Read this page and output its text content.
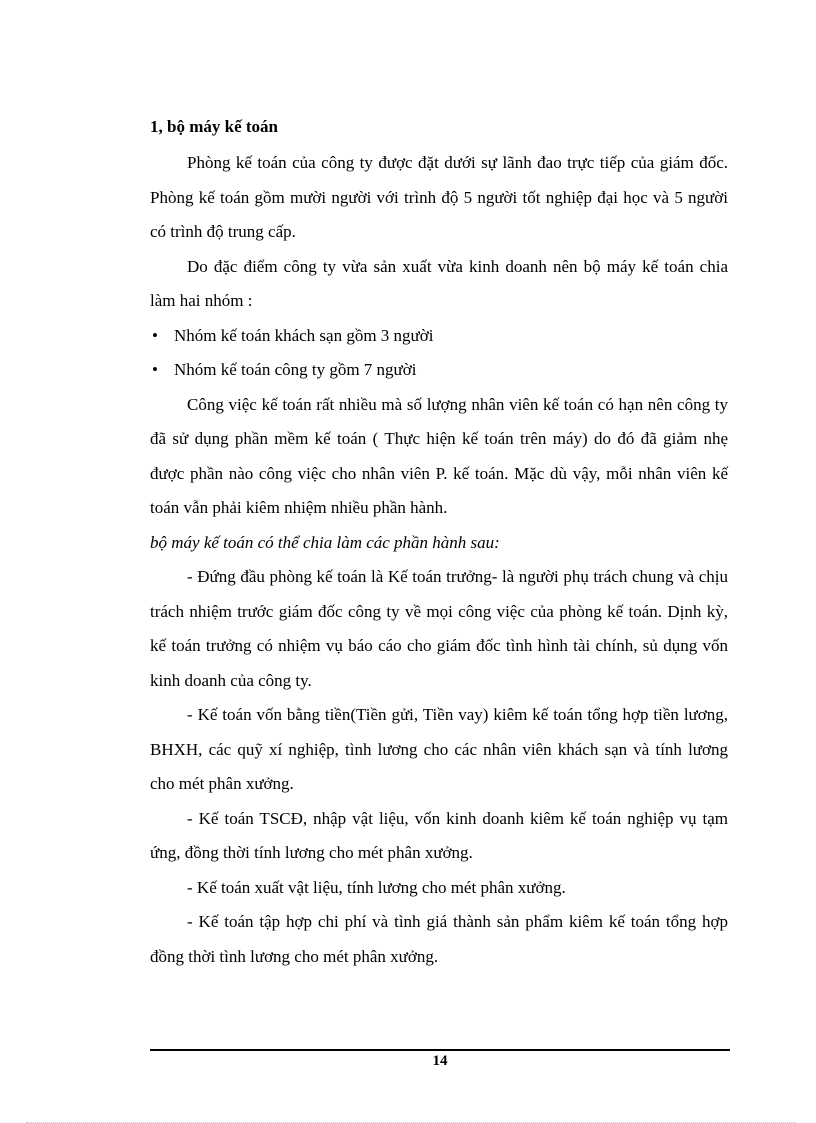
1, bộ máy kế toán

Phòng kế toán của công ty được đặt dưới sự lãnh đao trực tiếp của giám đốc. Phòng kế toán gồm mười người với trình độ 5 người tốt nghiệp đại học và 5 người có trình độ trung cấp.

Do đặc điểm công ty vừa sản xuất vừa kinh doanh nên bộ máy kế toán chia làm hai nhóm :

• Nhóm kế toán khách sạn gồm 3 người
• Nhóm kế toán công ty gồm 7 người

Công việc kế toán rất nhiều mà số lượng nhân viên kế toán có hạn nên công ty đã sử dụng phần mềm kế toán ( Thực hiện kế toán trên máy) do đó đã giảm nhẹ được phần nào công việc cho nhân viên P. kế toán. Mặc dù vậy, mỗi nhân viên kế toán vẫn phải kiêm nhiệm nhiều phần hành.

bộ máy kế toán có thể chia làm các phần hành sau:

- Đứng đầu phòng kế toán là Kế toán trưởng- là người phụ trách chung và chịu trách nhiệm trước giám đốc công ty về mọi công việc của phòng kế toán. Dịnh kỳ, kế toán trưởng có nhiệm vụ báo cáo cho giám đốc tình hình tài chính, sủ dụng vốn kinh doanh của công ty.

- Kế toán vốn bằng tiền(Tiền gửi, Tiền vay) kiêm kế toán tổng hợp tiền lương, BHXH, các quỹ xí nghiệp, tình lương cho các nhân viên khách sạn và tính lương cho mét phân xưởng.

- Kế toán TSCĐ, nhập vật liệu, vốn kinh doanh kiêm kế toán nghiệp vụ tạm ứng, đồng thời tính lương cho mét phân xưởng.

- Kế toán xuất vật liệu, tính lương cho mét phân xưởng.

- Kế toán tập hợp chi phí và tình giá thành sản phẩm kiêm kế toán tổng hợp đồng thời tình lương cho mét phân xưởng.

14
